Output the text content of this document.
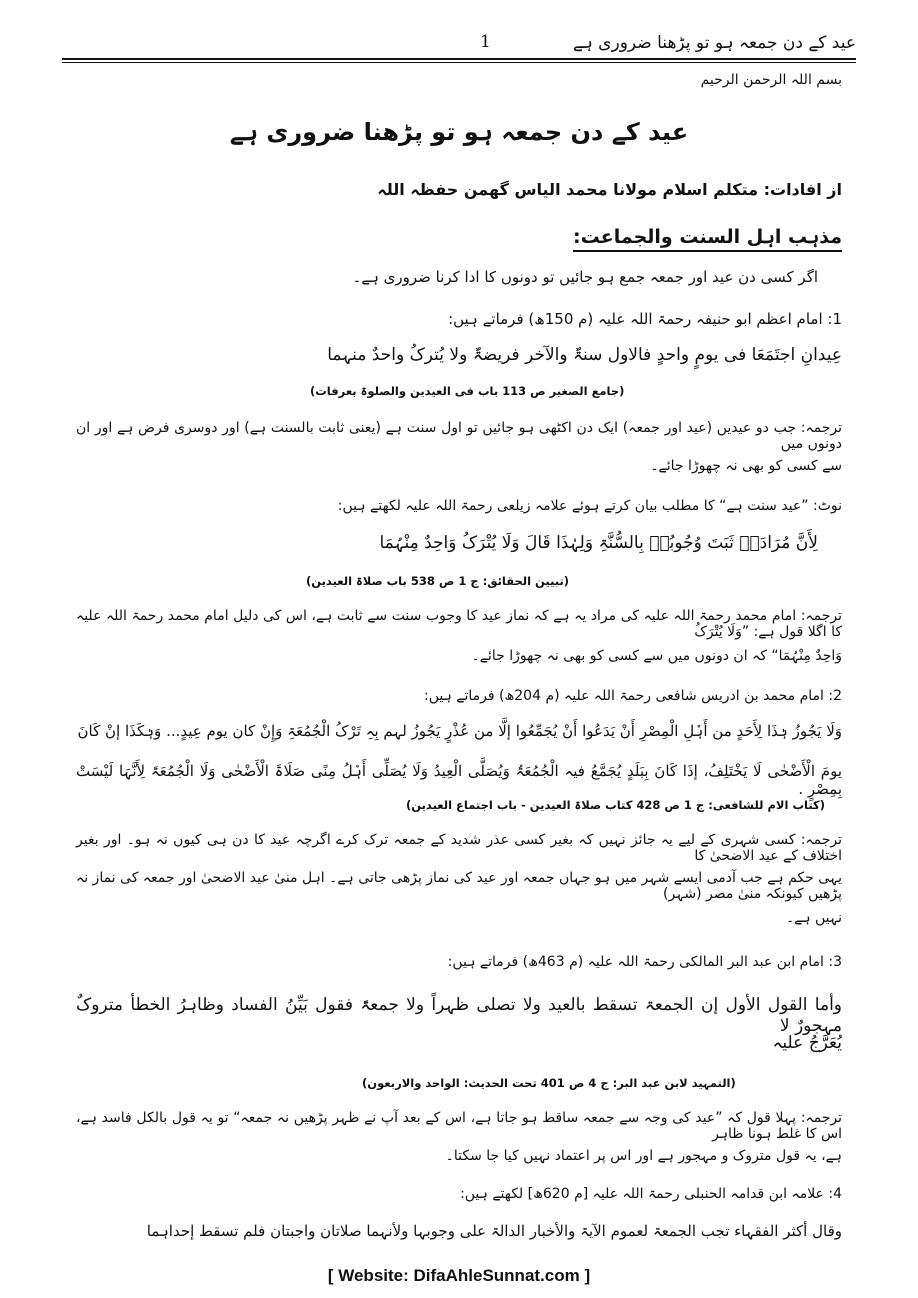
عید کے دن جمعہ ہو تو پڑھنا ضروری ہے
1
بسم اللہ الرحمن الرحیم
عید کے دن جمعہ ہو تو پڑھنا ضروری ہے
از افادات: متکلم اسلام مولانا محمد الیاس گھمن حفظہ اللہ
مذہب اہل السنت والجماعت:
اگر کسی دن عید اور جمعہ جمع ہو جائیں تو دونوں کا ادا کرنا ضروری ہے۔
1: امام اعظم ابو حنیفہ رحمۃ اللہ علیہ (م 150ھ) فرماتے ہیں:
عِیدانِ اجتَمَعَا فی یومٍ واحدٍ فالاول سنۃٌ والآخر فریضۃٌ ولا یُترکُ واحدٌ منہما
(جامع الصغیر ص 113 باب فی العیدین والصلوۃ بعرفات)
ترجمہ: جب دو عیدیں (عید اور جمعہ) ایک دن اکٹھی ہو جائیں تو اول سنت ہے (یعنی ثابت بالسنت ہے) اور دوسری فرض ہے اور ان دونوں میں
سے کسی کو بھی نہ چھوڑا جائے۔
نوٹ: ”عید سنت ہے“ کا مطلب بیان کرتے ہوئے علامہ زیلعی رحمۃ اللہ علیہ لکھتے ہیں:
لِأَنَّ مُرَادَہٗ ثَبَتَ وُجُوبُہٗ بِالسُّنَّۃِ وَلِہٰذَا قَالَ وَلَا یُتْرَکُ وَاحِدٌ مِنْہُمَا
(تبیین الحقائق: ج 1 ص 538 باب صلاۃ العیدین)
ترجمہ: امام محمد رحمۃ اللہ علیہ کی مراد یہ ہے کہ نماز عید کا وجوب سنت سے ثابت ہے، اس کی دلیل امام محمد رحمۃ اللہ علیہ کا اگلا قول ہے: ”وَلَا یُتْرَکُ
وَاحِدٌ مِنْہُمَا“ کہ ان دونوں میں سے کسی کو بھی نہ چھوڑا جائے۔
2: امام محمد بن ادریس شافعی رحمۃ اللہ علیہ (م 204ھ) فرماتے ہیں:
وَلَا یَجُوزُ ہٰذَا لِأَحَدٍ من أَہْلِ الْمِصْرِ أَنْ یَدَعُوا أَنْ یُجَمِّعُوا إلَّا من عُذْرٍ یَجُوزُ لہم بِہِ تَرْکُ الْجُمُعَۃِ وَإِنْ کان یوم عِیدٍ... وَہٰکَذَا إنْ کَانَ
یومَ الْأَضْحٰی لَا یَخْتَلِفُ، إذَا کَانَ بِبَلَدٍ یُجَمَّعُ فیہ الْجُمُعَۃُ وَیُصَلَّی الْعِیدُ وَلَا یُصَلِّی أَہْلُ مِنًی صَلَاۃَ الْأَضْحٰی وَلَا الْجُمُعَۃَ لِأَنَّہَا لَیْسَتْ بِمِصْرٍ .
(کتاب الام للشافعی: ج 1 ص 428 کتاب صلاۃ العیدین - باب اجتماع العیدین)
ترجمہ: کسی شہری کے لیے یہ جائز نہیں کہ بغیر کسی عذر شدید کے جمعہ ترک کرے اگرچہ عید کا دن ہی کیوں نہ ہو۔ اور بغیر اختلاف کے عید الاضحیٰ کا
یہی حکم ہے جب آدمی ایسے شہر میں ہو جہاں جمعہ اور عید کی نماز پڑھی جاتی ہے۔ اہل منیٰ عید الاضحیٰ اور جمعہ کی نماز نہ پڑھیں کیونکہ منیٰ مصر (شہر)
نہیں ہے۔
3: امام ابن عبد البر المالکی رحمۃ اللہ علیہ (م 463ھ) فرماتے ہیں:
وأما القول الأول إن الجمعۃ تسقط بالعید ولا تصلی ظہراً ولا جمعۃً فقول بَیِّنُ الفساد وظاہرُ الخطأ متروکٌ مہجورٌ لا
یُعَرَّجُ علیہ
(التمہید لابن عبد البر: ج 4 ص 401 تحت الحدیث: الواحد والاربعون)
ترجمہ: پہلا قول کہ ”عید کی وجہ سے جمعہ ساقط ہو جاتا ہے، اس کے بعد آپ نے ظہر پڑھیں نہ جمعہ“ تو یہ قول بالکل فاسد ہے، اس کا غلط ہونا ظاہر
ہے، یہ قول متروک و مہجور ہے اور اس پر اعتماد نہیں کیا جا سکتا۔
4: علامہ ابن قدامہ الحنبلی رحمۃ اللہ علیہ [م 620ھ] لکھتے ہیں:
وقال أکثر الفقہاء تجب الجمعۃ لعموم الآیۃ والأخبار الدالۃ علی وجوبہا ولأنہما صلاتان واجبتان فلم تسقط إحداہما
[ Website: DifaAhleSunnat.com ]
